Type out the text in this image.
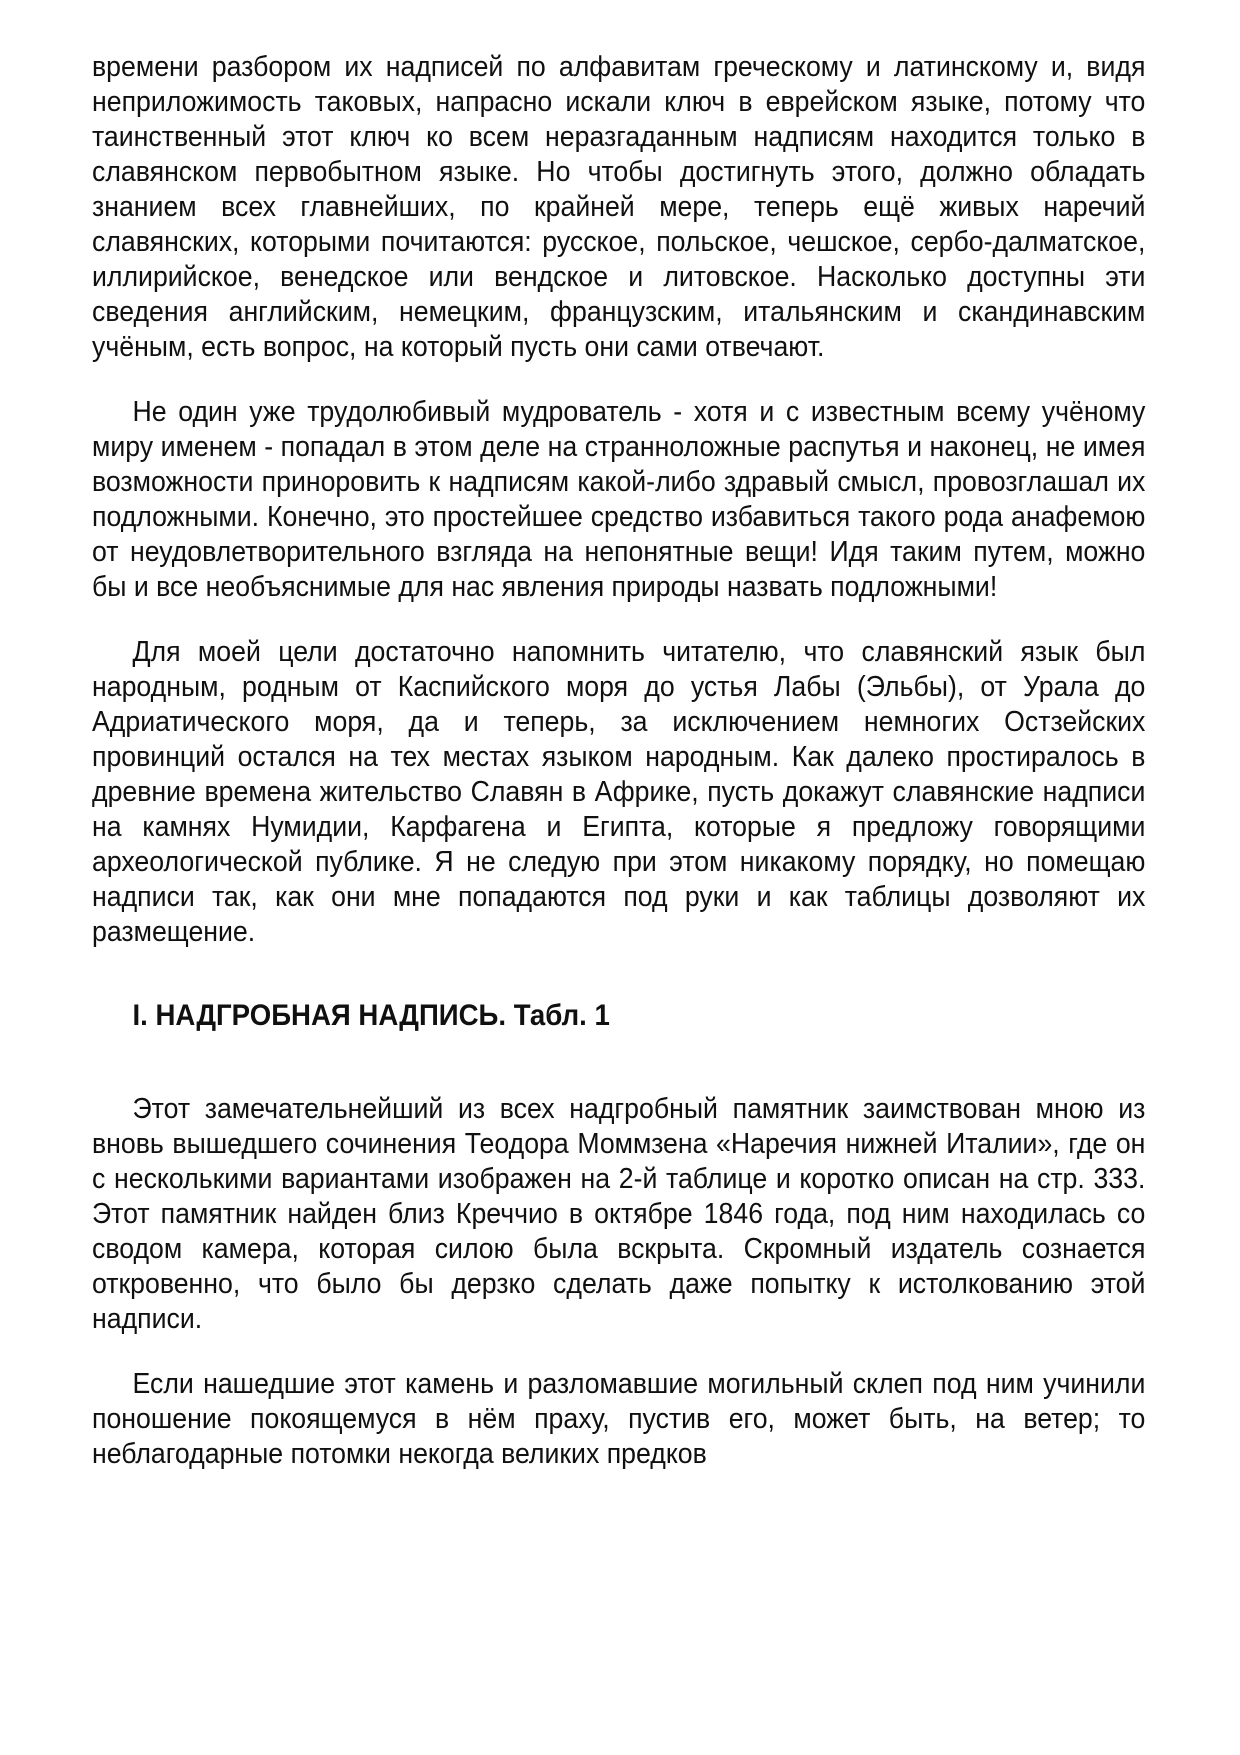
времени разбором их надписей по алфавитам греческому и латинскому и, видя неприложимость таковых, напрасно искали ключ в еврейском языке, потому что таинственный этот ключ ко всем неразгаданным надписям находится только в славянском первобытном языке. Но чтобы достигнуть этого, должно обладать знанием всех главнейших, по крайней мере, теперь ещё живых наречий славянских, которыми почитаются: русское, польское, чешское, сербо-далматское, иллирийское, венедское или вендское и литовское. Насколько доступны эти сведения английским, немецким, французским, итальянским и скандинавским учёным, есть вопрос, на который пусть они сами отвечают.

Не один уже трудолюбивый мудрователь - хотя и с известным всему учёному миру именем - попадал в этом деле на странноложные распутья и наконец, не имея возможности приноровить к надписям какой-либо здравый смысл, провозглашал их подложными. Конечно, это простейшее средство избавиться такого рода анафемою от неудовлетворительного взгляда на непонятные вещи! Идя таким путем, можно бы и все необъяснимые для нас явления природы назвать подложными!

Для моей цели достаточно напомнить читателю, что славянский язык был народным, родным от Каспийского моря до устья Лабы (Эльбы), от Урала до Адриатического моря, да и теперь, за исключением немногих Остзейских провинций остался на тех местах языком народным. Как далеко простиралось в древние времена жительство Славян в Африке, пусть докажут славянские надписи на камнях Нумидии, Карфагена и Египта, которые я предложу говорящими археологической публике. Я не следую при этом никакому порядку, но помещаю надписи так, как они мне попадаются под руки и как таблицы дозволяют их размещение.

I. НАДГРОБНАЯ НАДПИСЬ. Табл. 1

Этот замечательнейший из всех надгробный памятник заимствован мною из вновь вышедшего сочинения Теодора Моммзена «Наречия нижней Италии», где он с несколькими вариантами изображен на 2-й таблице и коротко описан на стр. 333. Этот памятник найден близ Креччио в октябре 1846 года, под ним находилась со сводом камера, которая силою была вскрыта. Скромный издатель сознается откровенно, что было бы дерзко сделать даже попытку к истолкованию этой надписи.

Если нашедшие этот камень и разломавшие могильный склеп под ним учинили поношение покоящемуся в нём праху, пустив его, может быть, на ветер; то неблагодарные потомки некогда великих предков
